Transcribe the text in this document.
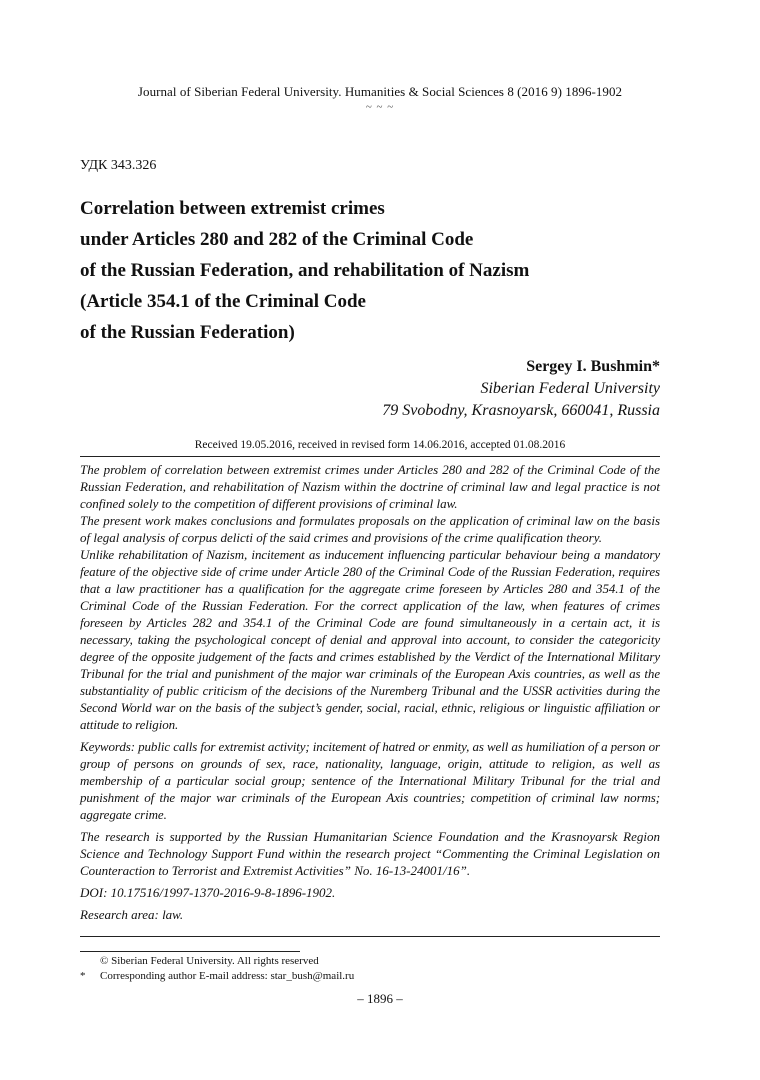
Journal of Siberian Federal University. Humanities & Social Sciences 8 (2016 9) 1896-1902
~ ~ ~
УДК 343.326
Correlation between extremist crimes
under Articles 280 and 282 of the Criminal Code
of the Russian Federation, and rehabilitation of Nazism
(Article 354.1 of the Criminal Code
of the Russian Federation)
Sergey I. Bushmin*
Siberian Federal University
79 Svobodny, Krasnoyarsk, 660041, Russia
Received 19.05.2016, received in revised form 14.06.2016, accepted 01.08.2016

The problem of correlation between extremist crimes under Articles 280 and 282 of the Criminal Code of the Russian Federation, and rehabilitation of Nazism within the doctrine of criminal law and legal practice is not confined solely to the competition of different provisions of criminal law.

The present work makes conclusions and formulates proposals on the application of criminal law on the basis of legal analysis of corpus delicti of the said crimes and provisions of the crime qualification theory.

Unlike rehabilitation of Nazism, incitement as inducement influencing particular behaviour being a mandatory feature of the objective side of crime under Article 280 of the Criminal Code of the Russian Federation, requires that a law practitioner has a qualification for the aggregate crime foreseen by Articles 280 and 354.1 of the Criminal Code of the Russian Federation. For the correct application of the law, when features of crimes foreseen by Articles 282 and 354.1 of the Criminal Code are found simultaneously in a certain act, it is necessary, taking the psychological concept of denial and approval into account, to consider the categoricity degree of the opposite judgement of the facts and crimes established by the Verdict of the International Military Tribunal for the trial and punishment of the major war criminals of the European Axis countries, as well as the substantiality of public criticism of the decisions of the Nuremberg Tribunal and the USSR activities during the Second World war on the basis of the subject’s gender, social, racial, ethnic, religious or linguistic affiliation or attitude to religion.

Keywords: public calls for extremist activity; incitement of hatred or enmity, as well as humiliation of a person or group of persons on grounds of sex, race, nationality, language, origin, attitude to religion, as well as membership of a particular social group; sentence of the International Military Tribunal for the trial and punishment of the major war criminals of the European Axis countries; competition of criminal law norms; aggregate crime.

The research is supported by the Russian Humanitarian Science Foundation and the Krasnoyarsk Region Science and Technology Support Fund within the research project “Commenting the Criminal Legislation on Counteraction to Terrorist and Extremist Activities” No. 16-13-24001/16”.

DOI: 10.17516/1997-1370-2016-9-8-1896-1902.

Research area: law.

© Siberian Federal University. All rights reserved
*	Corresponding author E-mail address: star_bush@mail.ru
– 1896 –
